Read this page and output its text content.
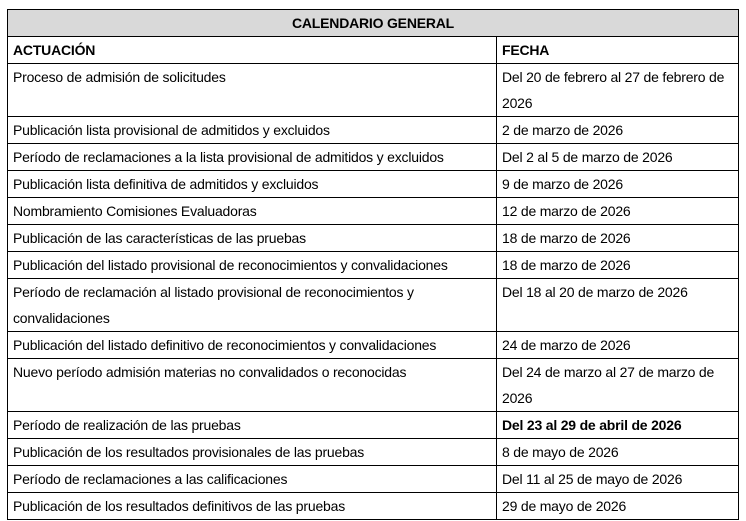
CALENDARIO GENERAL	
ACTUACIÓN	FECHA
Proceso de admisión de solicitudes	Del 20 de febrero al 27 de febrero de 2026
Publicación lista provisional de admitidos y excluidos	2 de marzo de 2026
Período de reclamaciones a la lista provisional de admitidos y excluidos	Del 2 al 5 de marzo de 2026
Publicación lista definitiva de admitidos y excluidos	9 de marzo de 2026
Nombramiento Comisiones Evaluadoras	12 de marzo de 2026
Publicación de las características de las pruebas	18 de marzo de 2026
Publicación del listado provisional de reconocimientos y convalidaciones	18 de marzo de 2026
Período de reclamación al listado provisional de reconocimientos y convalidaciones	Del 18 al 20 de marzo de 2026
Publicación del listado definitivo de reconocimientos y convalidaciones	24 de marzo de 2026
Nuevo período admisión materias no convalidados o reconocidas	Del 24 de marzo al 27 de marzo de 2026
Período de realización de las pruebas	Del 23 al 29 de abril de 2026
Publicación de los resultados provisionales de las pruebas	8 de mayo de 2026
Período de reclamaciones a las calificaciones	Del 11 al 25 de mayo de 2026
Publicación de los resultados definitivos de las pruebas	29 de mayo de 2026
